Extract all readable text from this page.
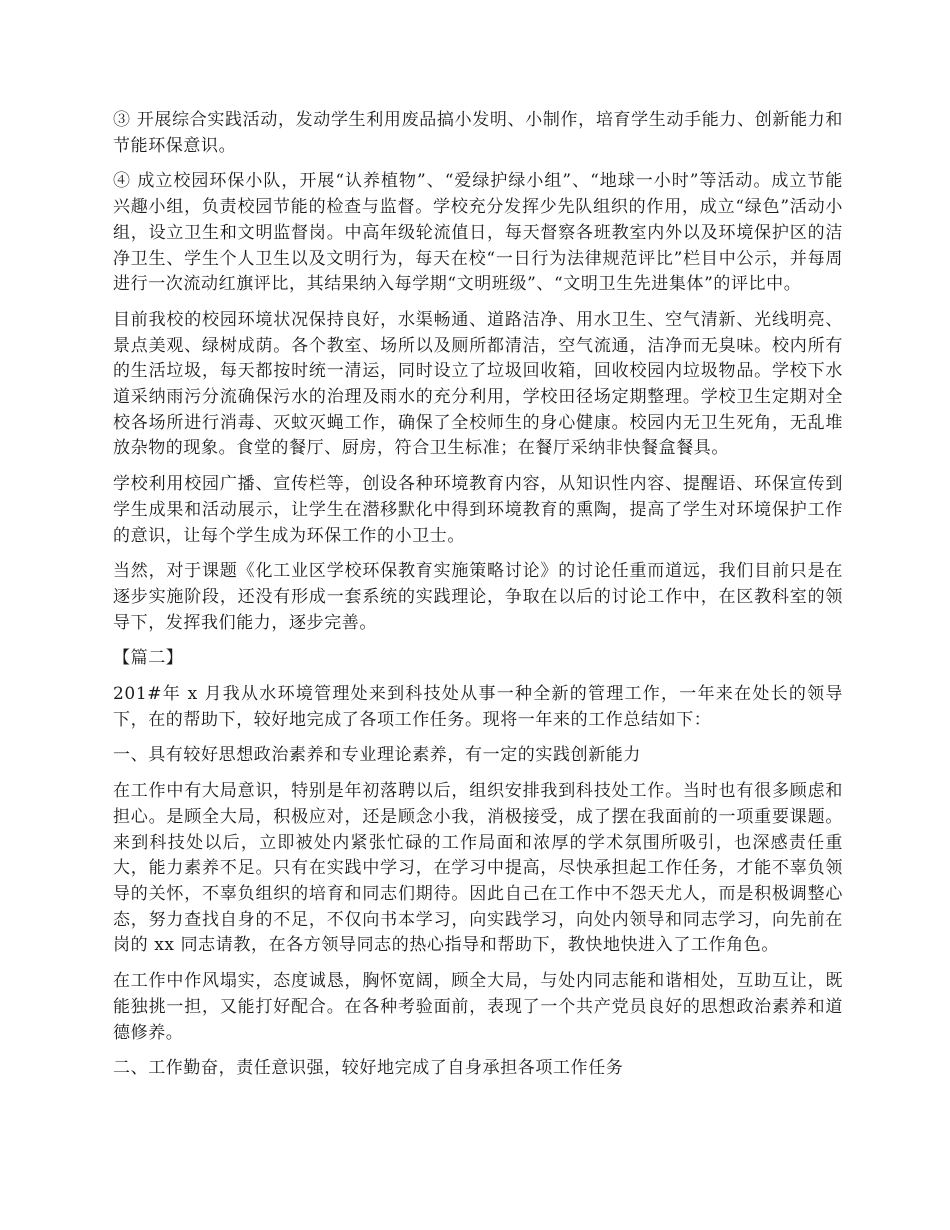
③ 开展综合实践活动，发动学生利用废品搞小发明、小制作，培育学生动手能力、创新能力和节能环保意识。

④ 成立校园环保小队，开展“认养植物”、“爱绿护绿小组”、“地球一小时”等活动。成立节能兴趣小组，负责校园节能的检查与监督。学校充分发挥少先队组织的作用，成立“绿色”活动小组，设立卫生和文明监督岗。中高年级轮流值日，每天督察各班教室内外以及环境保护区的洁净卫生、学生个人卫生以及文明行为，每天在校“一日行为法律规范评比”栏目中公示，并每周进行一次流动红旗评比，其结果纳入每学期“文明班级”、“文明卫生先进集体”的评比中。

目前我校的校园环境状况保持良好，水渠畅通、道路洁净、用水卫生、空气清新、光线明亮、景点美观、绿树成荫。各个教室、场所以及厕所都清洁，空气流通，洁净而无臭味。校内所有的生活垃圾，每天都按时统一清运，同时设立了垃圾回收箱，回收校园内垃圾物品。学校下水道采纳雨污分流确保污水的治理及雨水的充分利用，学校田径场定期整理。学校卫生定期对全校各场所进行消毒、灭蚊灭蝇工作，确保了全校师生的身心健康。校园内无卫生死角，无乱堆放杂物的现象。食堂的餐厅、厨房，符合卫生标准；在餐厅采纳非快餐盒餐具。

学校利用校园广播、宣传栏等，创设各种环境教育内容，从知识性内容、提醒语、环保宣传到学生成果和活动展示，让学生在潜移默化中得到环境教育的熏陶，提高了学生对环境保护工作的意识，让每个学生成为环保工作的小卫士。

当然，对于课题《化工业区学校环保教育实施策略讨论》的讨论任重而道远，我们目前只是在逐步实施阶段，还没有形成一套系统的实践理论，争取在以后的讨论工作中，在区教科室的领导下，发挥我们能力，逐步完善。

【篇二】

201#年 x 月我从水环境管理处来到科技处从事一种全新的管理工作，一年来在处长的领导下，在的帮助下，较好地完成了各项工作任务。现将一年来的工作总结如下：

一、具有较好思想政治素养和专业理论素养，有一定的实践创新能力

在工作中有大局意识，特别是年初落聘以后，组织安排我到科技处工作。当时也有很多顾虑和担心。是顾全大局，积极应对，还是顾念小我，消极接受，成了摆在我面前的一项重要课题。来到科技处以后，立即被处内紧张忙碌的工作局面和浓厚的学术氛围所吸引，也深感责任重大，能力素养不足。只有在实践中学习，在学习中提高，尽快承担起工作任务，才能不辜负领导的关怀，不辜负组织的培育和同志们期待。因此自己在工作中不怨天尤人，而是积极调整心态，努力查找自身的不足，不仅向书本学习，向实践学习，向处内领导和同志学习，向先前在岗的 xx 同志请教，在各方领导同志的热心指导和帮助下，教快地快进入了工作角色。

在工作中作风塌实，态度诚恳，胸怀宽阔，顾全大局，与处内同志能和谐相处，互助互让，既能独挑一担，又能打好配合。在各种考验面前，表现了一个共产党员良好的思想政治素养和道德修养。

二、工作勤奋，责任意识强，较好地完成了自身承担各项工作任务
